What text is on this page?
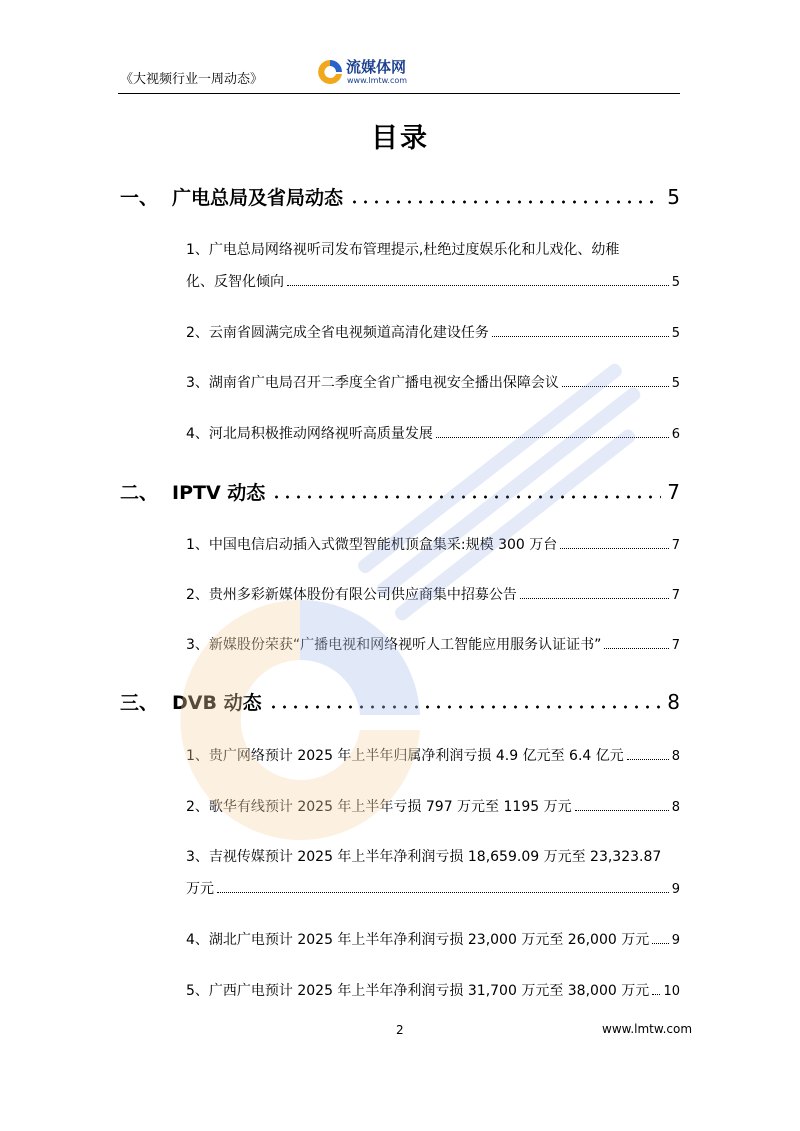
《大视频行业一周动态》
流媒体网
www.lmtw.com
目录
一、 广电总局及省局动态	5
1、广电总局网络视听司发布管理提示,杜绝过度娱乐化和儿戏化、幼稚
化、反智化倾向	5
2、云南省圆满完成全省电视频道高清化建设任务	5
3、湖南省广电局召开二季度全省广播电视安全播出保障会议	5
4、河北局积极推动网络视听高质量发展	6
二、 IPTV 动态	7
1、中国电信启动插入式微型智能机顶盒集采:规模 300 万台	7
2、贵州多彩新媒体股份有限公司供应商集中招募公告	7
3、新媒股份荣获“广播电视和网络视听人工智能应用服务认证证书”	7
三、 DVB 动态	8
1、贵广网络预计 2025 年上半年归属净利润亏损 4.9 亿元至 6.4 亿元	8
2、歌华有线预计 2025 年上半年亏损 797 万元至 1195 万元	8
3、吉视传媒预计 2025 年上半年净利润亏损 18,659.09 万元至 23,323.87
万元	9
4、湖北广电预计 2025 年上半年净利润亏损 23,000 万元至 26,000 万元 9
5、广西广电预计 2025 年上半年净利润亏损 31,700 万元至 38,000 万元 10
2	www.lmtw.com
